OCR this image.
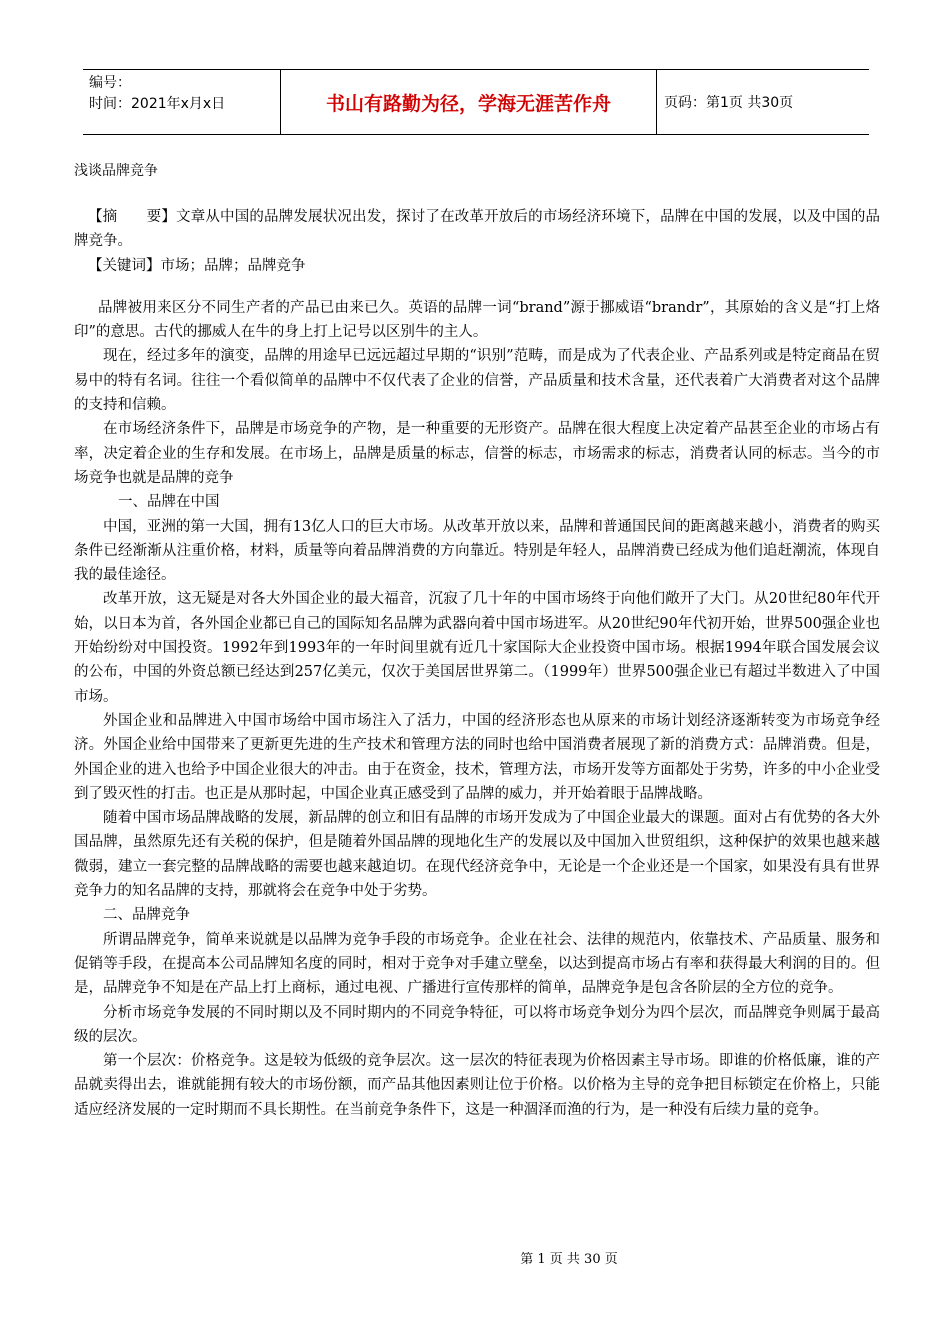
编号：
时间：2021年x月x日	书山有路勤为径，学海无涯苦作舟	页码：第1页 共30页
浅谈品牌竞争

【摘　　要】文章从中国的品牌发展状况出发，探讨了在改革开放后的市场经济环境下，品牌在中国的发展，以及中国的品牌竞争。

【关键词】市场；品牌；品牌竞争

品牌被用来区分不同生产者的产品已由来已久。英语的品牌一词“brand”源于挪威语“brandr”，其原始的含义是“打上烙印”的意思。古代的挪威人在牛的身上打上记号以区别牛的主人。

现在，经过多年的演变，品牌的用途早已远远超过早期的“识别”范畴，而是成为了代表企业、产品系列或是特定商品在贸易中的特有名词。往往一个看似简单的品牌中不仅代表了企业的信誉，产品质量和技术含量，还代表着广大消费者对这个品牌的支持和信赖。

在市场经济条件下，品牌是市场竞争的产物，是一种重要的无形资产。品牌在很大程度上决定着产品甚至企业的市场占有率，决定着企业的生存和发展。在市场上，品牌是质量的标志，信誉的标志，市场需求的标志，消费者认同的标志。当今的市场竞争也就是品牌的竞争

一、品牌在中国

中国，亚洲的第一大国，拥有13亿人口的巨大市场。从改革开放以来，品牌和普通国民间的距离越来越小，消费者的购买条件已经渐渐从注重价格，材料，质量等向着品牌消费的方向靠近。特别是年轻人，品牌消费已经成为他们追赶潮流，体现自我的最佳途径。

改革开放，这无疑是对各大外国企业的最大福音，沉寂了几十年的中国市场终于向他们敞开了大门。从20世纪80年代开始，以日本为首，各外国企业都已自己的国际知名品牌为武器向着中国市场进军。从20世纪90年代初开始，世界500强企业也开始纷纷对中国投资。1992年到1993年的一年时间里就有近几十家国际大企业投资中国市场。根据1994年联合国发展会议的公布，中国的外资总额已经达到257亿美元，仅次于美国居世界第二。（1999年）世界500强企业已有超过半数进入了中国市场。

外国企业和品牌进入中国市场给中国市场注入了活力，中国的经济形态也从原来的市场计划经济逐渐转变为市场竞争经济。外国企业给中国带来了更新更先进的生产技术和管理方法的同时也给中国消费者展现了新的消费方式：品牌消费。但是，外国企业的进入也给予中国企业很大的冲击。由于在资金，技术，管理方法，市场开发等方面都处于劣势，许多的中小企业受到了毁灭性的打击。也正是从那时起，中国企业真正感受到了品牌的威力，并开始着眼于品牌战略。

随着中国市场品牌战略的发展，新品牌的创立和旧有品牌的市场开发成为了中国企业最大的课题。面对占有优势的各大外国品牌，虽然原先还有关税的保护，但是随着外国品牌的现地化生产的发展以及中国加入世贸组织，这种保护的效果也越来越微弱，建立一套完整的品牌战略的需要也越来越迫切。在现代经济竞争中，无论是一个企业还是一个国家，如果没有具有世界竞争力的知名品牌的支持，那就将会在竞争中处于劣势。

二、品牌竞争

所谓品牌竞争，简单来说就是以品牌为竞争手段的市场竞争。企业在社会、法律的规范内，依靠技术、产品质量、服务和促销等手段，在提高本公司品牌知名度的同时，相对于竞争对手建立壁垒，以达到提高市场占有率和获得最大利润的目的。但是，品牌竞争不知是在产品上打上商标，通过电视、广播进行宣传那样的简单，品牌竞争是包含各阶层的全方位的竞争。

分析市场竞争发展的不同时期以及不同时期内的不同竞争特征，可以将市场竞争划分为四个层次，而品牌竞争则属于最高级的层次。

第一个层次：价格竞争。这是较为低级的竞争层次。这一层次的特征表现为价格因素主导市场。即谁的价格低廉，谁的产品就卖得出去，谁就能拥有较大的市场份额，而产品其他因素则让位于价格。以价格为主导的竞争把目标锁定在价格上，只能适应经济发展的一定时期而不具长期性。在当前竞争条件下，这是一种涸泽而渔的行为，是一种没有后续力量的竞争。

第 1 页 共 30 页
